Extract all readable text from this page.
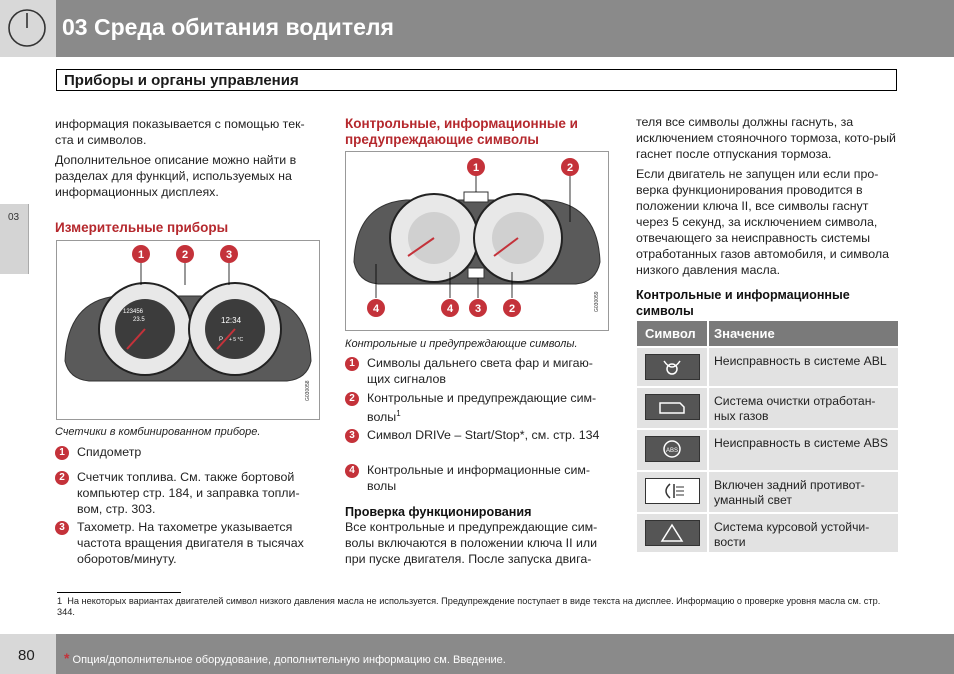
03 Среда обитания водителя
Приборы и органы управления
03
информация показывается с помощью тек-ста и символов.
Дополнительное описание можно найти в разделах для функций, используемых на информационных дисплеях.
Измерительные приборы
123456
23.5	12:34
P + 5 °C
1	2	3
G030058
Счетчики в комбинированном приборе.
1 Спидометр
2 Счетчик топлива. См. также бортовой компьютер стр. 184, и заправка топли-вом, стр. 303.
3 Тахометр. На тахометре указывается частота вращения двигателя в тысячах оборотов/минуту.
Контрольные, информационные и предупреждающие символы
1	2
4	4 3	2	G030059
Контрольные и предупреждающие символы.
1 Символы дальнего света фар и мигаю-щих сигналов
2 Контрольные и предупреждающие сим-волы$^1$
3 Символ DRIVe – Start/Stop*, см. стр. 134
4 Контрольные и информационные сим-волы
Проверка функционирования
Все контрольные и предупреждающие сим-волы включаются в положении ключа II или при пуске двигателя. После запуска двига-
теля все символы должны гаснуть, за исключением стояночного тормоза, кото-рый гаснет после отпускания тормоза.
Если двигатель не запущен или если про-верка функционирования проводится в положении ключа II, все символы гаснут через 5 секунд, за исключением символа, отвечающего за неисправность системы отработанных газов автомобиля, и символа низкого давления масла.
Контрольные и информационные символы
Символ Значение
Неисправность в системе ABL
Система очистки отработан-ных газов
ABS
Неисправность в системе ABS
Включен задний противот-уманный свет
Система курсовой устойчи-вости
1 На некоторых вариантах двигателей символ низкого давления масла не используется. Предупреждение поступает в виде текста на дисплее. Информацию о проверке уровня масла см. стр. 344.
80 * Опция/дополнительное оборудование, дополнительную информацию см. Введение.
